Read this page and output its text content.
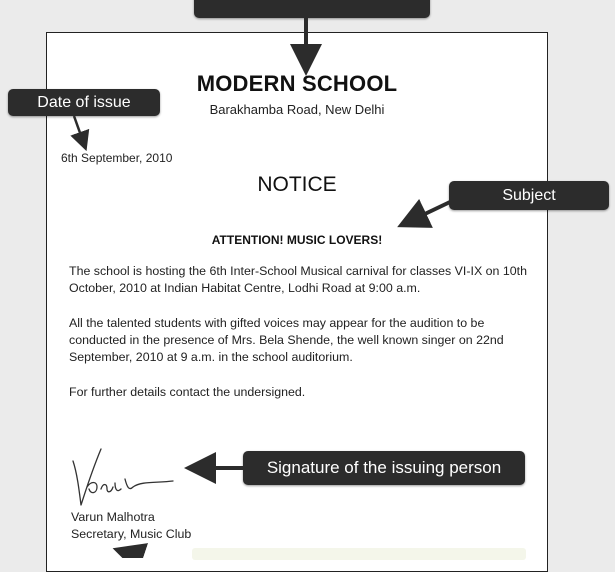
MODERN SCHOOL
Barakhamba Road, New Delhi
6th September, 2010
NOTICE
ATTENTION! MUSIC LOVERS!

The school is hosting the 6th Inter-School Musical carnival for classes VI-IX on 10th October, 2010 at Indian Habitat Centre, Lodhi Road at 9:00 a.m.

All the talented students with gifted voices may appear for the audition to be conducted in the presence of Mrs. Bela Shende, the well known singer on 22nd September, 2010 at 9 a.m. in the school auditorium.

For further details contact the undersigned.

Varun Malhotra
Secretary, Music Club
Date of issue
Subject
Signature of the issuing person
